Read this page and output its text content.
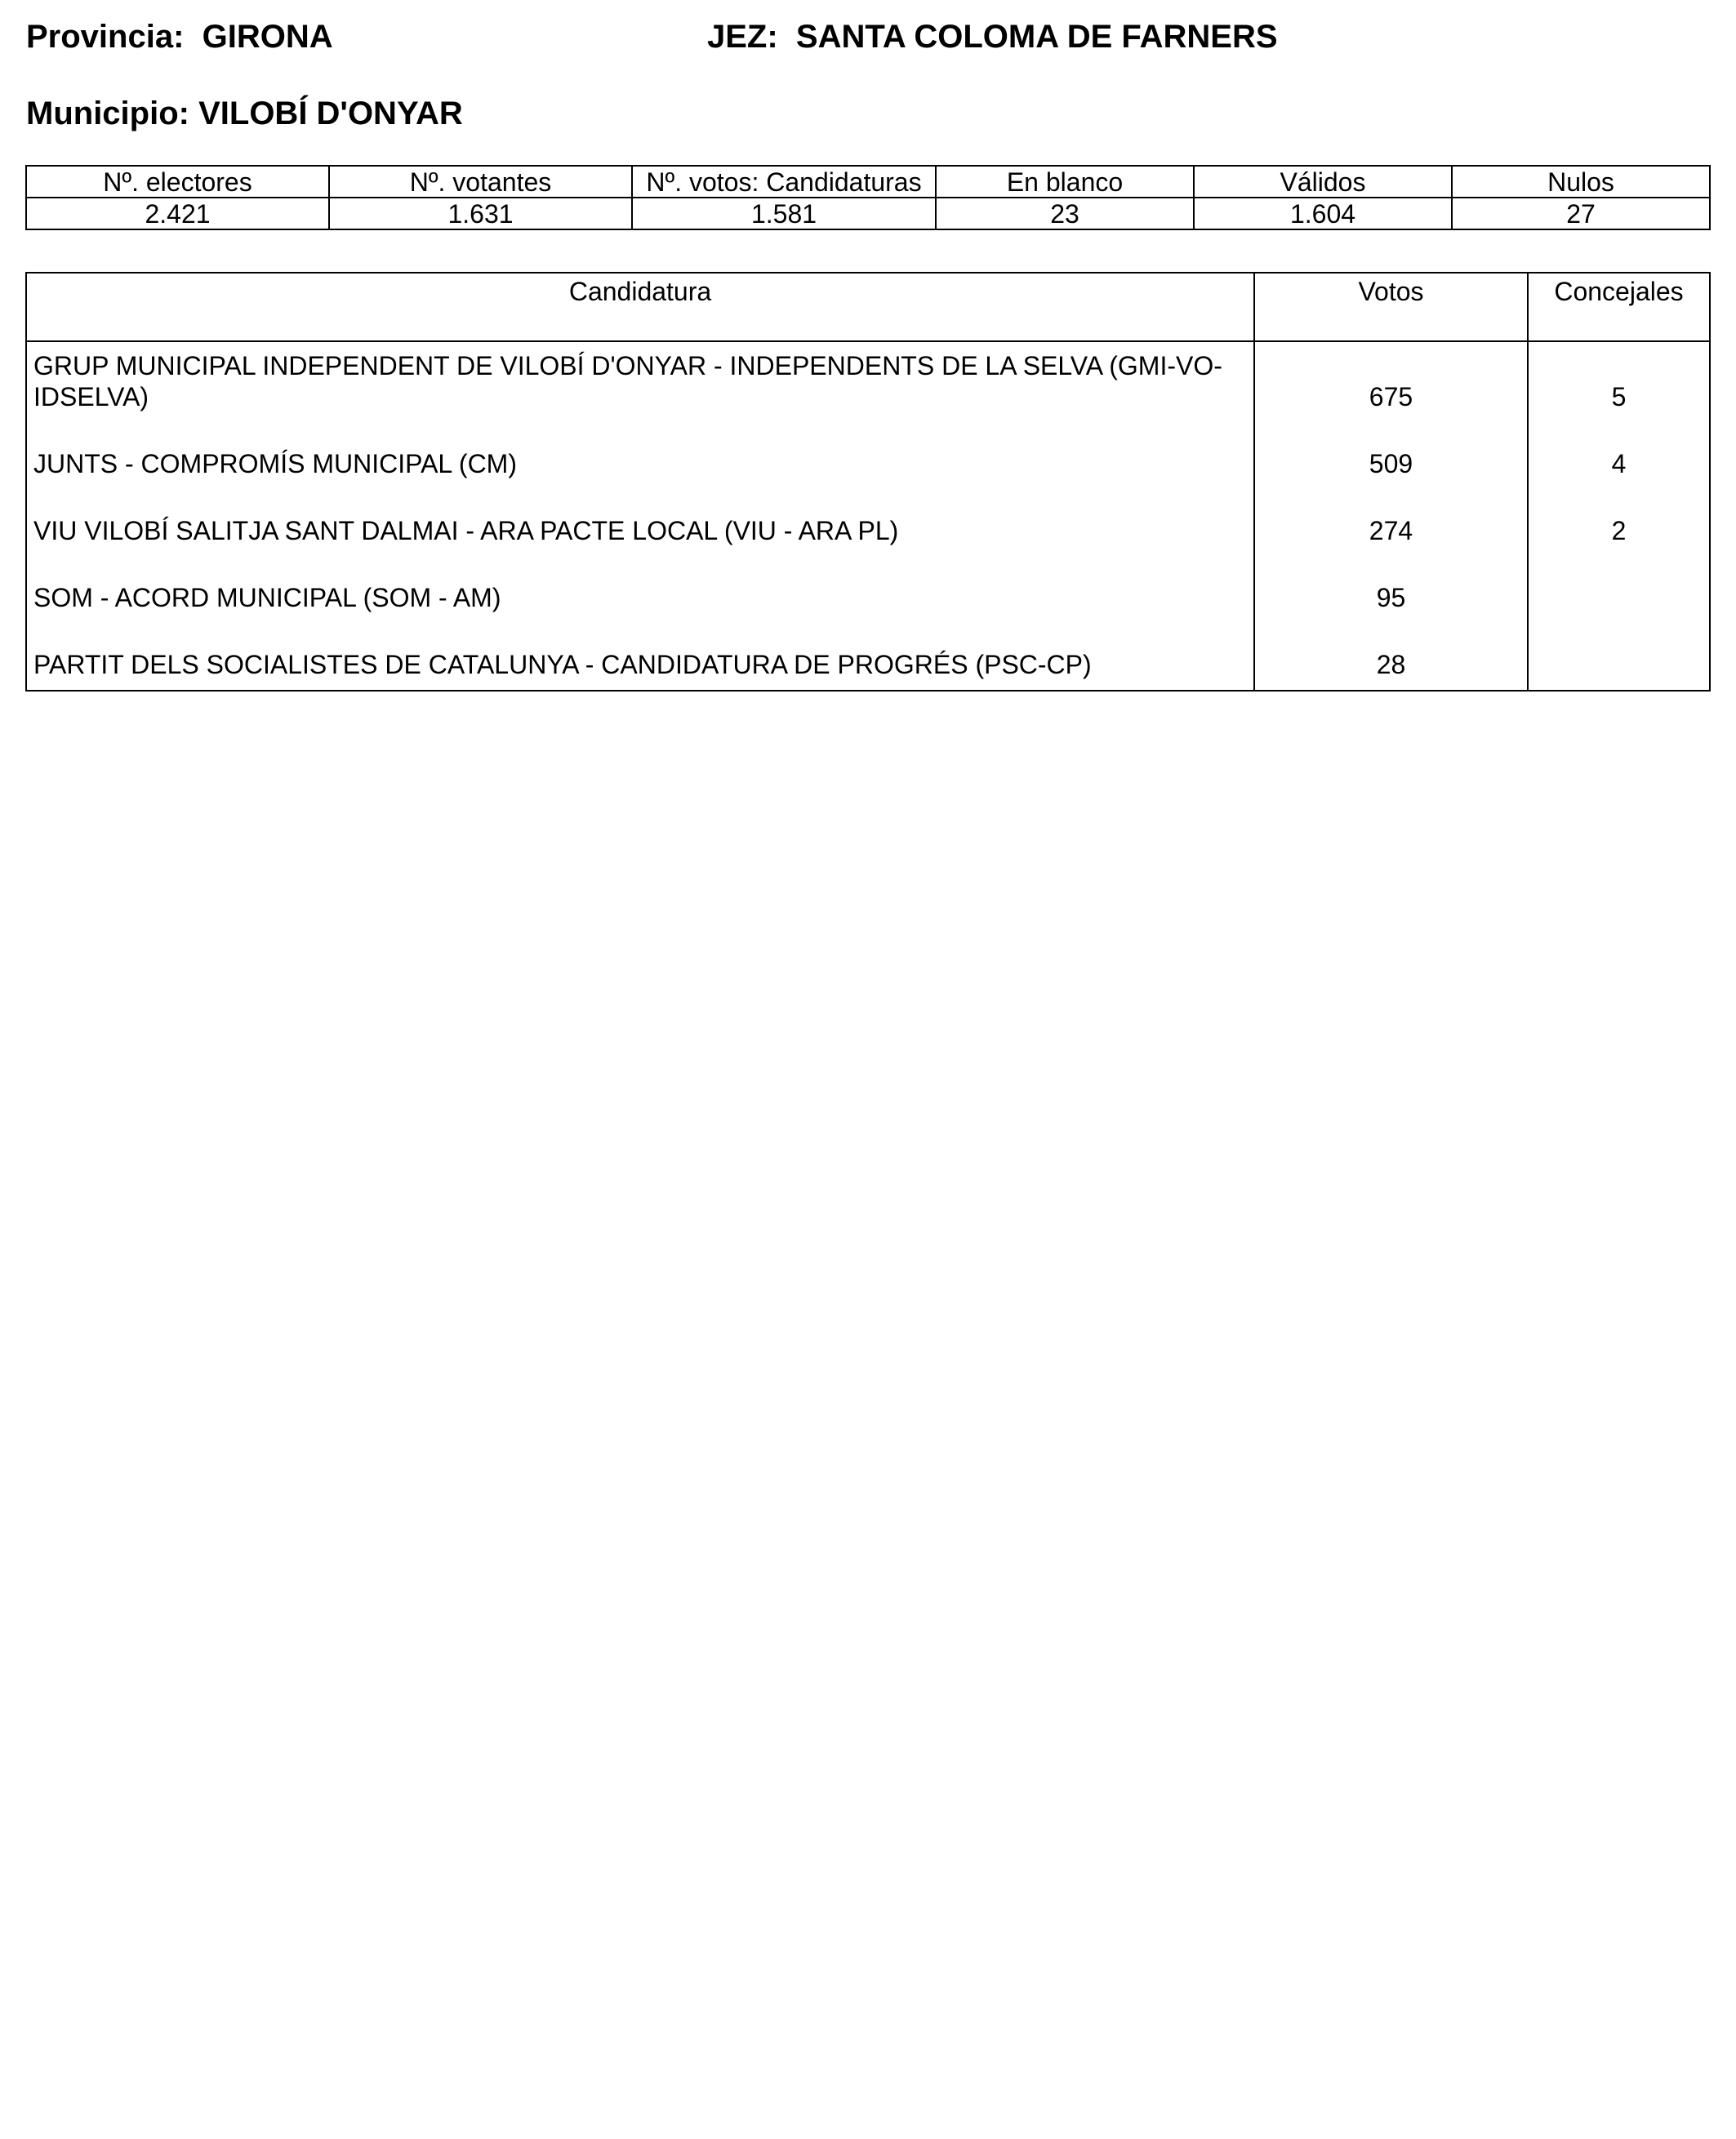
Provincia: GIRONA	JEZ: SANTA COLOMA DE FARNERS
Municipio: VILOBÍ D'ONYAR
Nº. electores	Nº. votantes	Nº. votos: Candidaturas	En blanco	Válidos	Nulos
2.421	1.631	1.581	23	1.604	27
Candidatura	Votos	Concejales
GRUP MUNICIPAL INDEPENDENT DE VILOBÍ D'ONYAR - INDEPENDENTS DE LA SELVA (GMI-VO-IDSELVA)	675	5
JUNTS - COMPROMÍS MUNICIPAL (CM)	509	4
VIU VILOBÍ SALITJA SANT DALMAI - ARA PACTE LOCAL (VIU - ARA PL)	274	2
SOM - ACORD MUNICIPAL (SOM - AM)	95	
PARTIT DELS SOCIALISTES DE CATALUNYA - CANDIDATURA DE PROGRÉS (PSC-CP)	28	
